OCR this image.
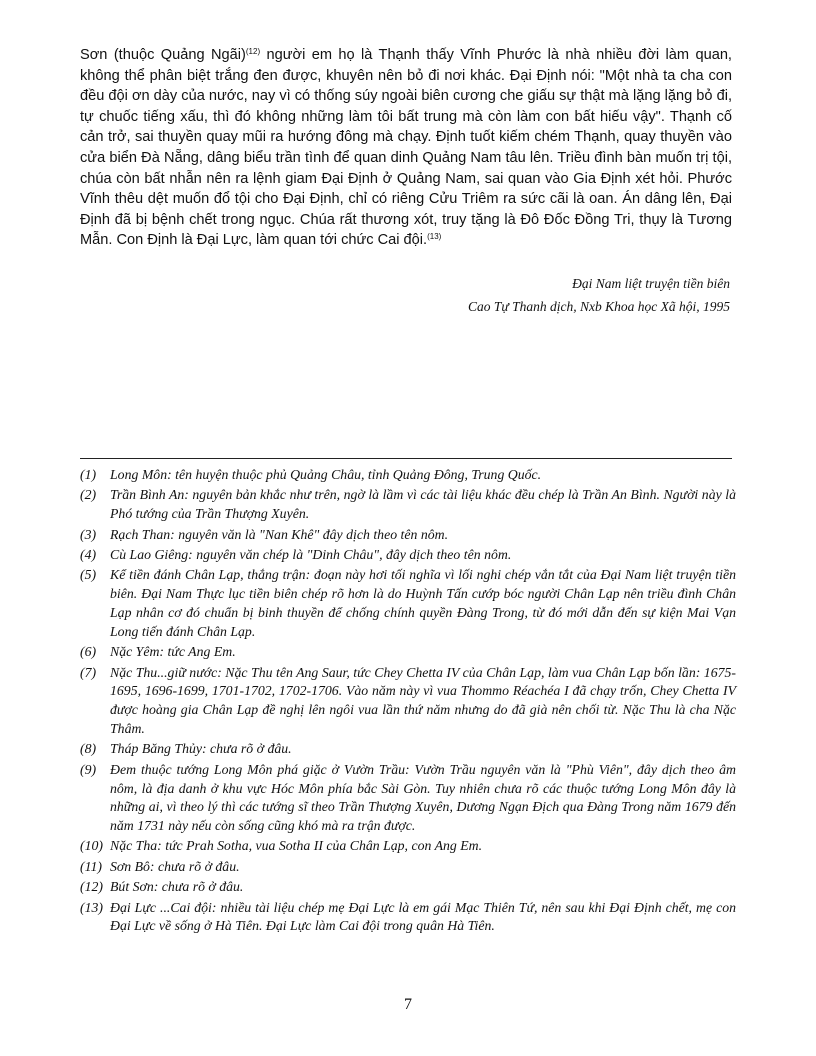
Sơn (thuộc Quảng Ngãi)$^{(12)}$ người em họ là Thạnh thấy Vĩnh Phước là nhà nhiều đời làm quan, không thể phân biệt trắng đen được, khuyên nên bỏ đi nơi khác. Đại Định nói: "Một nhà ta cha con đều đội ơn dày của nước, nay vì có thống súy ngoài biên cương che giấu sự thật mà lặng lặng bỏ đi, tự chuốc tiếng xấu, thì đó không những làm tôi bất trung mà còn làm con bất hiếu vậy". Thạnh cố cản trở, sai thuyền quay mũi ra hướng đông mà chạy. Định tuốt kiếm chém Thạnh, quay thuyền vào cửa biển Đà Nẵng, dâng biểu trần tình để quan dinh Quảng Nam tâu lên. Triều đình bàn muốn trị tội, chúa còn bất nhẫn nên ra lệnh giam Đại Định ở Quảng Nam, sai quan vào Gia Định xét hỏi. Phước Vĩnh thêu dệt muốn đổ tội cho Đại Định, chỉ có riêng Cửu Triêm ra sức cãi là oan. Án dâng lên, Đại Định đã bị bệnh chết trong ngục. Chúa rất thương xót, truy tặng là Đô Đốc Đồng Tri, thụy là Tương Mẫn. Con Định là Đại Lực, làm quan tới chức Cai đội.$^{(13)}$

Đại Nam liệt truyện tiền biên
Cao Tự Thanh dịch, Nxb Khoa học Xã hội, 1995
(1) Long Môn: tên huyện thuộc phủ Quảng Châu, tỉnh Quảng Đông, Trung Quốc.
(2) Trần Bình An: nguyên bản khắc như trên, ngờ là lầm vì các tài liệu khác đều chép là Trần An Bình. Người này là Phó tướng của Trần Thượng Xuyên.
(3) Rạch Than: nguyên văn là "Nan Khê" đây dịch theo tên nôm.
(4) Cù Lao Giêng: nguyên văn chép là "Dinh Châu", đây dịch theo tên nôm.
(5) Kể tiền đánh Chân Lạp, thắng trận: đoạn này hơi tối nghĩa vì lối nghi chép vắn tắt của Đại Nam liệt truyện tiền biên. Đại Nam Thực lục tiền biên chép rõ hơn là do Huỳnh Tấn cướp bóc người Chân Lạp nên triều đình Chân Lạp nhân cơ đó chuẩn bị binh thuyền để chống chính quyền Đàng Trong, từ đó mới dẫn đến sự kiện Mai Vạn Long tiến đánh Chân Lạp.
(6) Nặc Yêm: tức Ang Em.
(7) Nặc Thu...giữ nước: Nặc Thu tên Ang Saur, tức Chey Chetta IV của Chân Lạp, làm vua Chân Lạp bốn lần: 1675-1695, 1696-1699, 1701-1702, 1702-1706. Vào năm này vì vua Thommo Réachéa I đã chạy trốn, Chey Chetta IV được hoàng gia Chân Lạp đề nghị lên ngôi vua lần thứ năm nhưng do đã già nên chối từ. Nặc Thu là cha Nặc Thâm.
(8) Tháp Băng Thủy: chưa rõ ở đâu.
(9) Đem thuộc tướng Long Môn phá giặc ở Vườn Trầu: Vườn Trầu nguyên văn là "Phù Viên", đây dịch theo âm nôm, là địa danh ở khu vực Hóc Môn phía bắc Sài Gòn. Tuy nhiên chưa rõ các thuộc tướng Long Môn đây là những ai, vì theo lý thì các tướng sĩ theo Trần Thượng Xuyên, Dương Ngạn Địch qua Đàng Trong năm 1679 đến năm 1731 này nếu còn sống cũng khó mà ra trận được.
(10) Nặc Tha: tức Prah Sotha, vua Sotha II của Chân Lạp, con Ang Em.
(11) Sơn Bô: chưa rõ ở đâu.
(12) Bút Sơn: chưa rõ ở đâu.
(13) Đại Lực ...Cai đội: nhiều tài liệu chép mẹ Đại Lực là em gái Mạc Thiên Tứ, nên sau khi Đại Định chết, mẹ con Đại Lực về sống ở Hà Tiên. Đại Lực làm Cai đội trong quân Hà Tiên.
7
